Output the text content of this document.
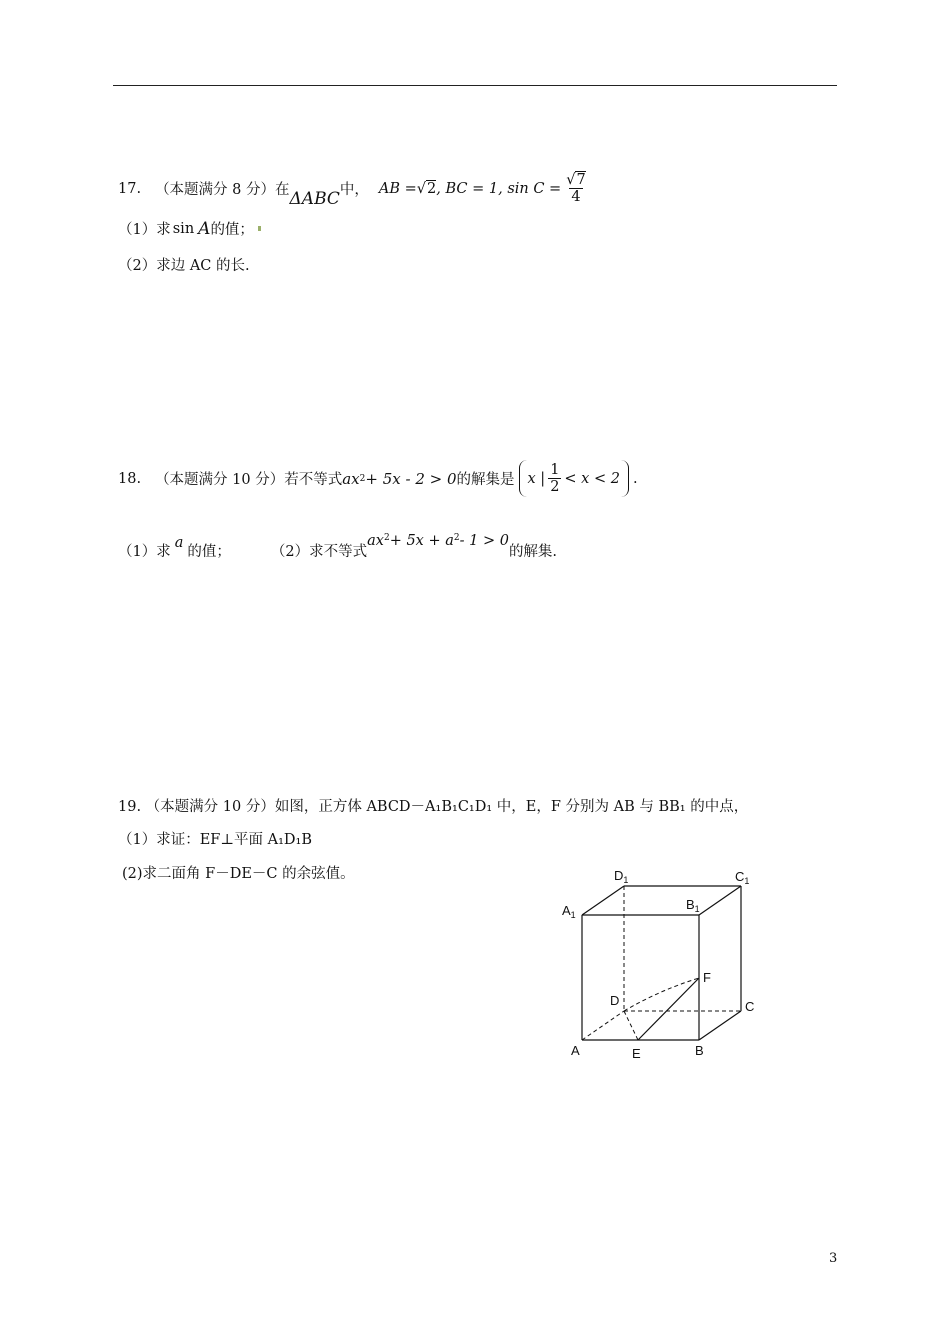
17. （本题满分 8 分）在 ΔABC 中， AB = √ 2 , BC = 1, $\sin C = \frac{√7}{4}$
（1）求 sin A 的值；
（2）求边 AC 的长.
18. （本题满分 10 分）若不等式 ax 2 + 5x - 2 > 0 的解集是 x | $\frac{1}{2} < x < 2$ .
（1）求
a
的值；	（2）求不等式
ax 2 + 5x + a 2 - 1 > 0
的解集.
19. （本题满分 10 分）如图，正方体 ABCD－A₁B₁C₁D₁ 中，E，F 分别为 AB 与 BB₁ 的中点，
（1）求证：EF⊥平面 A₁D₁B
(2)求二面角 F－DE－C 的余弦值。	$D_1$	$C_1$
$A_1$
$B_1$
F
D	C
A	E	B
3
